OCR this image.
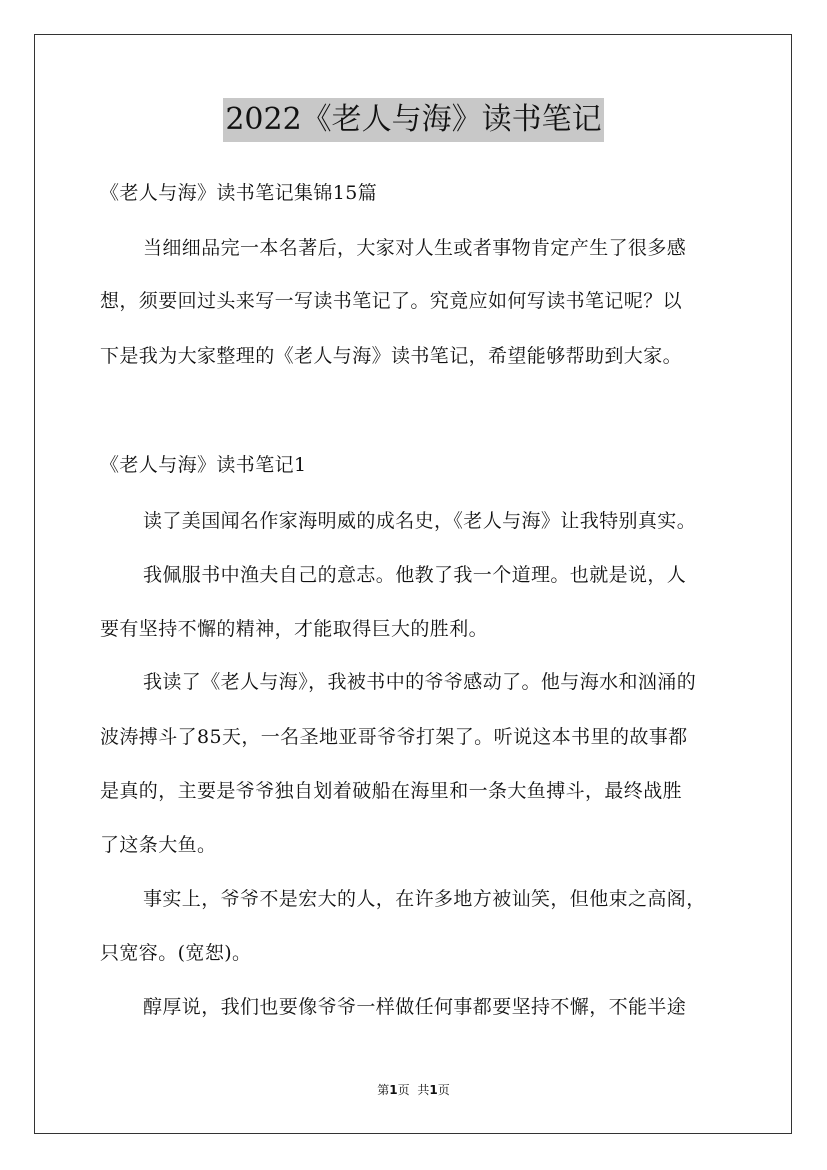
2022《老人与海》读书笔记
《老人与海》读书笔记集锦15篇
当细细品完一本名著后，大家对人生或者事物肯定产生了很多感
想，须要回过头来写一写读书笔记了。究竟应如何写读书笔记呢？以
下是我为大家整理的《老人与海》读书笔记，希望能够帮助到大家。
《老人与海》读书笔记1
读了美国闻名作家海明威的成名史，《老人与海》让我特别真实。
我佩服书中渔夫自己的意志。他教了我一个道理。也就是说，人
要有坚持不懈的精神，才能取得巨大的胜利。
我读了《老人与海》，我被书中的爷爷感动了。他与海水和汹涌的
波涛搏斗了85天，一名圣地亚哥爷爷打架了。听说这本书里的故事都
是真的，主要是爷爷独自划着破船在海里和一条大鱼搏斗，最终战胜
了这条大鱼。
事实上，爷爷不是宏大的人，在许多地方被讪笑，但他束之高阁，
只宽容。(宽恕)。
醇厚说，我们也要像爷爷一样做任何事都要坚持不懈，不能半途
第1页 共1页
